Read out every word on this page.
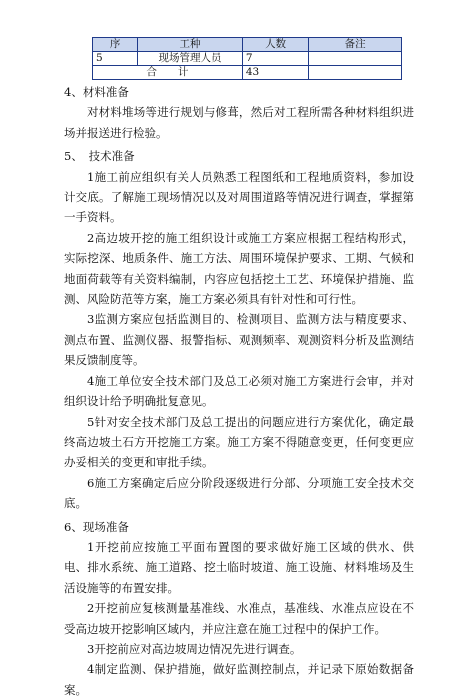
序	工种	人数	备注
5	现场管理人员	7	
合　　计		43	

4、材料准备

对材料堆场等进行规划与修葺，然后对工程所需各种材料组织进场并报送进行检验。

5、　技术准备

1施工前应组织有关人员熟悉工程图纸和工程地质资料，参加设计交底。了解施工现场情况以及对周围道路等情况进行调查，掌握第一手资料。

2高边坡开挖的施工组织设计或施工方案应根据工程结构形式，实际挖深、地质条件、施工方法、周围环境保护要求、工期、气候和地面荷载等有关资料编制，内容应包括挖土工艺、环境保护措施、监测、风险防范等方案，施工方案必须具有针对性和可行性。

3监测方案应包括监测目的、检测项目、监测方法与精度要求、测点布置、监测仪器、报警指标、观测频率、观测资料分析及监测结果反馈制度等。

4施工单位安全技术部门及总工必须对施工方案进行会审，并对组织设计给予明确批复意见。

5针对安全技术部门及总工提出的问题应进行方案优化，确定最终高边坡土石方开挖施工方案。施工方案不得随意变更，任何变更应办妥相关的变更和审批手续。

6施工方案确定后应分阶段逐级进行分部、分项施工安全技术交底。

6、现场准备

1开挖前应按施工平面布置图的要求做好施工区域的供水、供电、排水系统、施工道路、挖土临时坡道、施工设施、材料堆场及生活设施等的布置安排。

2开挖前应复核测量基准线、水准点，基准线、水准点应设在不受高边坡开挖影响区域内，并应注意在施工过程中的保护工作。

3开挖前应对高边坡周边情况先进行调查。

4制定监测、保护措施，做好监测控制点，并记录下原始数据备案。
